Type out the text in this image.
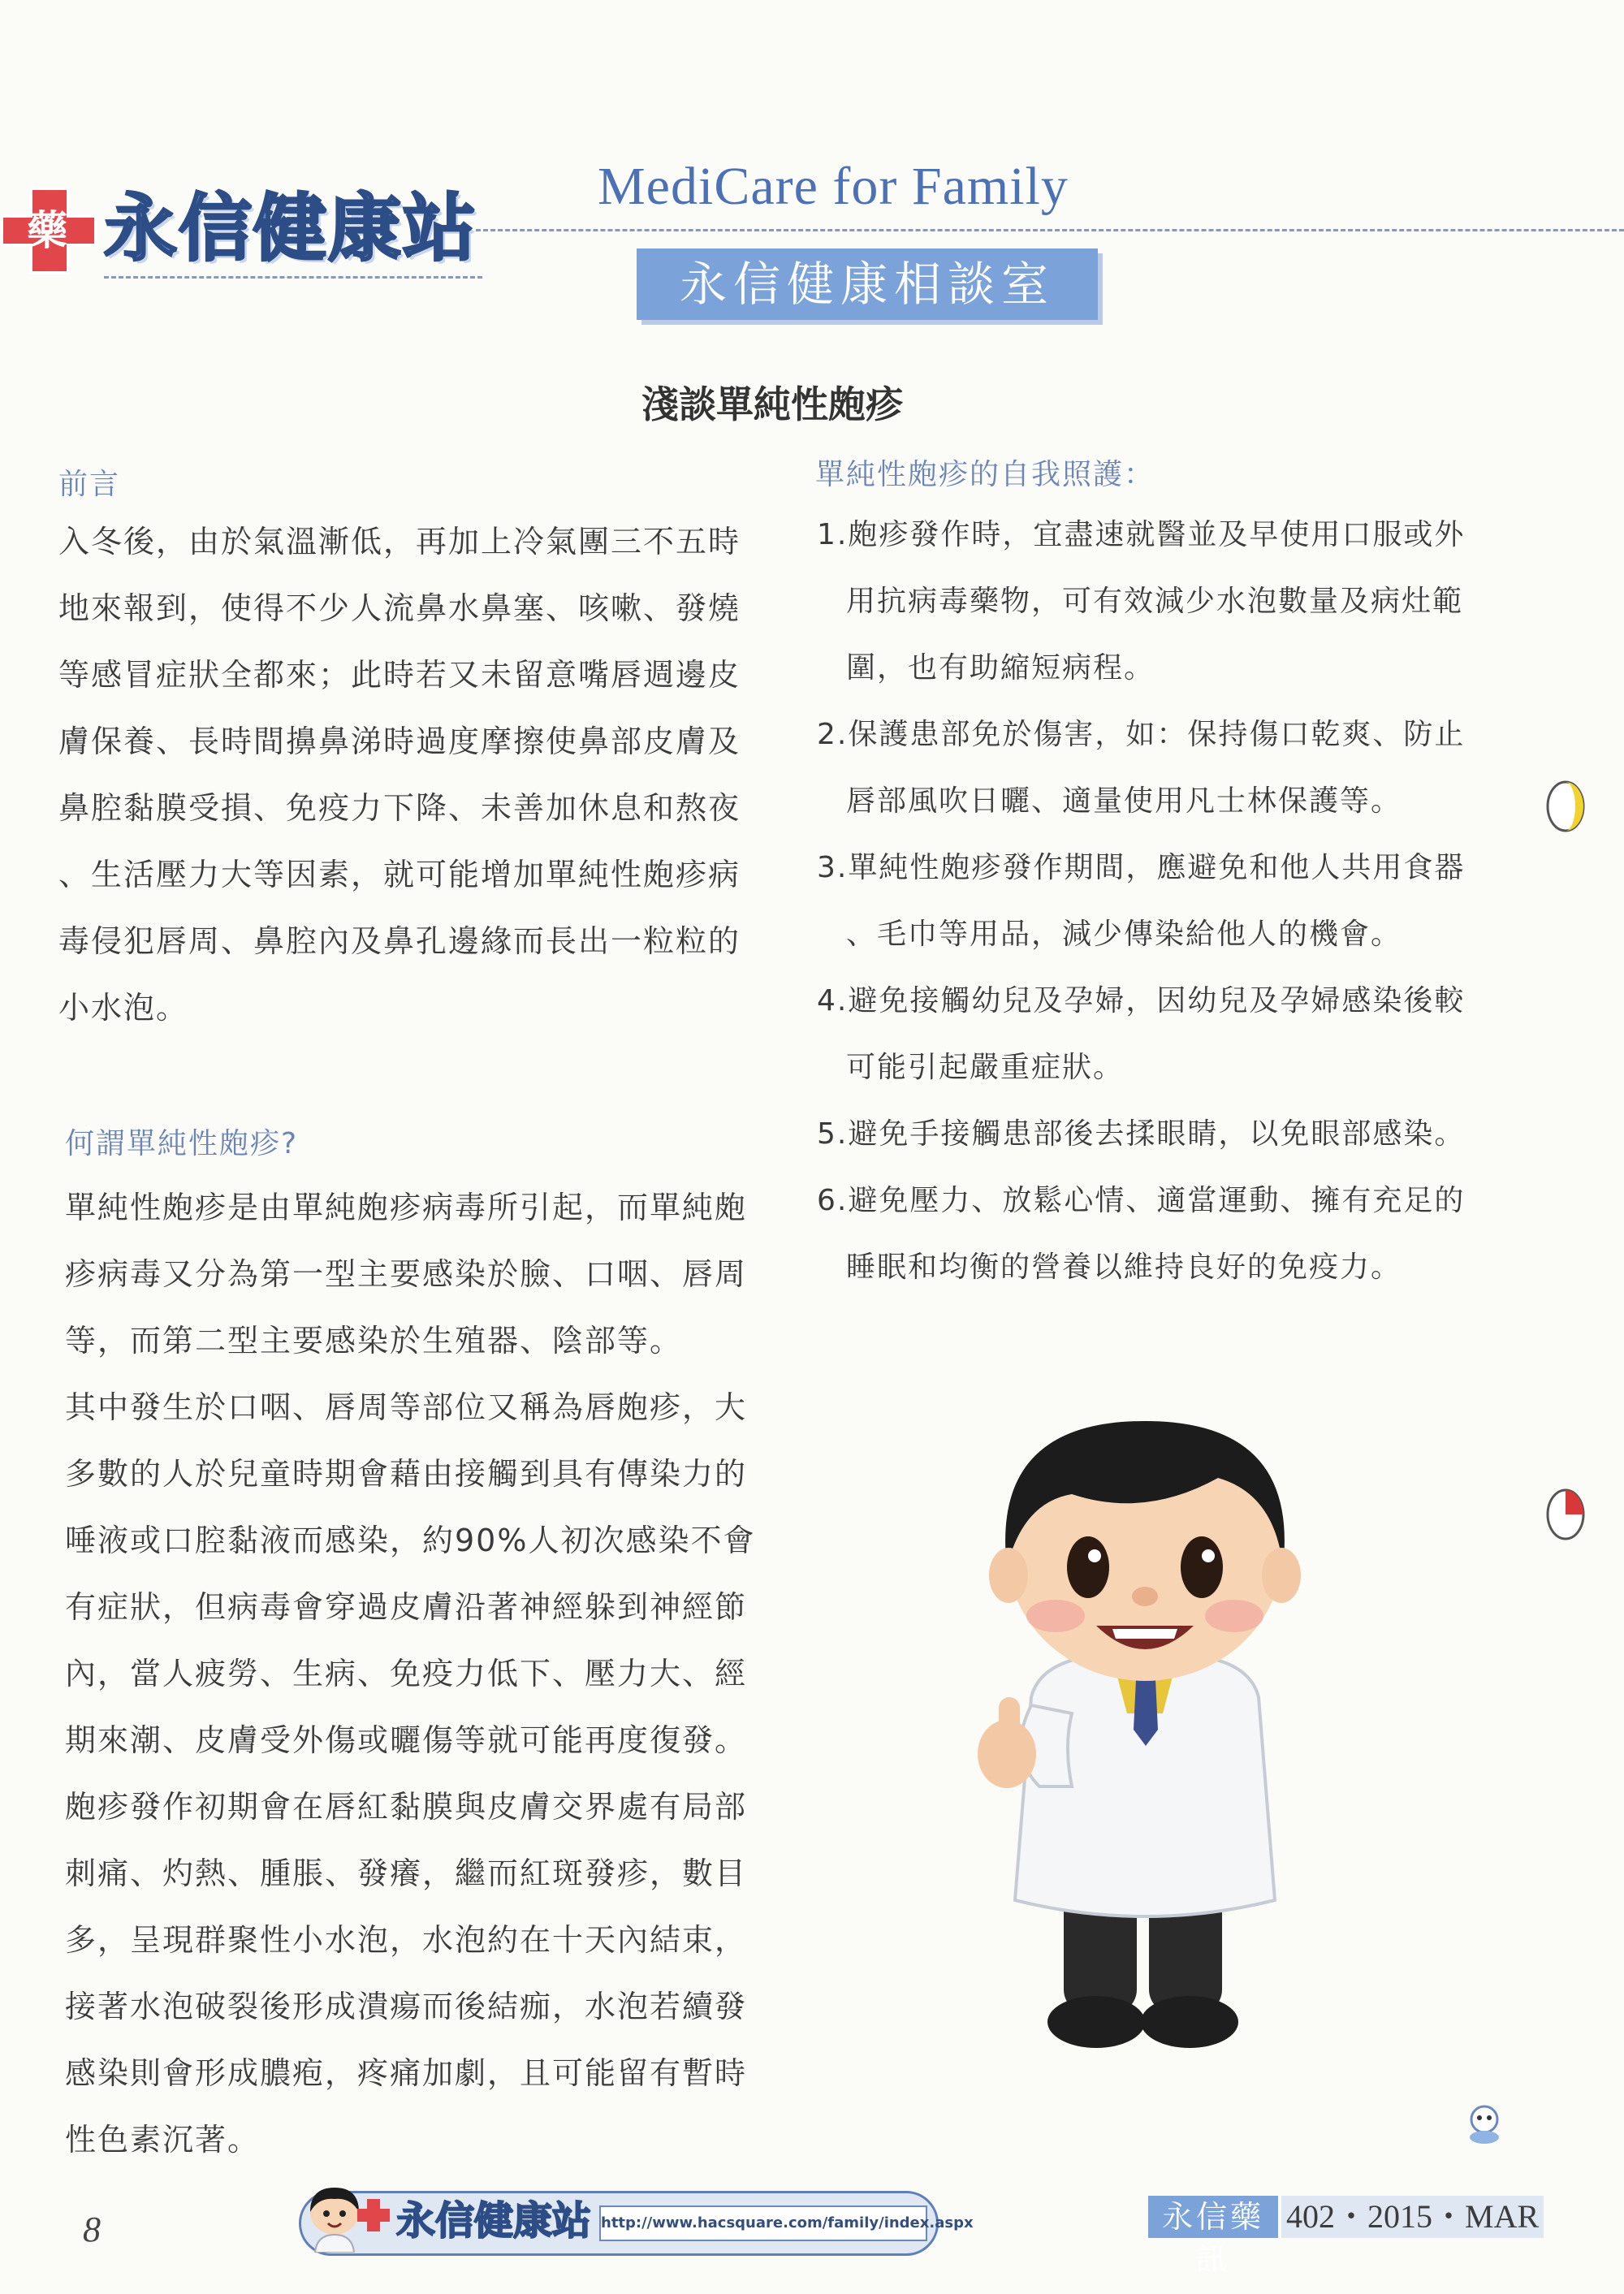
藥 永信健康站 MediCare for Family
永信健康相談室
淺談單純性皰疹
前言
入冬後，由於氣溫漸低，再加上冷氣團三不五時
地來報到，使得不少人流鼻水鼻塞、咳嗽、發燒
等感冒症狀全都來；此時若又未留意嘴唇週邊皮
膚保養、長時間擤鼻涕時過度摩擦使鼻部皮膚及
鼻腔黏膜受損、免疫力下降、未善加休息和熬夜
、生活壓力大等因素，就可能增加單純性皰疹病
毒侵犯唇周、鼻腔內及鼻孔邊緣而長出一粒粒的
小水泡。
何謂單純性皰疹?
單純性皰疹是由單純皰疹病毒所引起，而單純皰
疹病毒又分為第一型主要感染於臉、口咽、唇周
等，而第二型主要感染於生殖器、陰部等。
其中發生於口咽、唇周等部位又稱為唇皰疹，大
多數的人於兒童時期會藉由接觸到具有傳染力的
唾液或口腔黏液而感染，約90%人初次感染不會
有症狀，但病毒會穿過皮膚沿著神經躲到神經節
內，當人疲勞、生病、免疫力低下、壓力大、經
期來潮、皮膚受外傷或曬傷等就可能再度復發。
皰疹發作初期會在唇紅黏膜與皮膚交界處有局部
刺痛、灼熱、腫脹、發癢，繼而紅斑發疹，數目
多，呈現群聚性小水泡，水泡約在十天內結束，
接著水泡破裂後形成潰瘍而後結痂，水泡若續發
感染則會形成膿疱，疼痛加劇，且可能留有暫時
性色素沉著。
單純性皰疹的自我照護：
1.皰疹發作時，宜盡速就醫並及早使用口服或外
用抗病毒藥物，可有效減少水泡數量及病灶範
圍，也有助縮短病程。
2.保護患部免於傷害，如：保持傷口乾爽、防止
唇部風吹日曬、適量使用凡士林保護等。
3.單純性皰疹發作期間，應避免和他人共用食器
、毛巾等用品，減少傳染給他人的機會。
4.避免接觸幼兒及孕婦，因幼兒及孕婦感染後較
可能引起嚴重症狀。
5.避免手接觸患部後去揉眼睛，以免眼部感染。
6.避免壓力、放鬆心情、適當運動、擁有充足的
睡眠和均衡的營養以維持良好的免疫力。
8	永信健康站 http://www.hacsquare.com/family/index.aspx	永信藥訊
402・2015・MAR
